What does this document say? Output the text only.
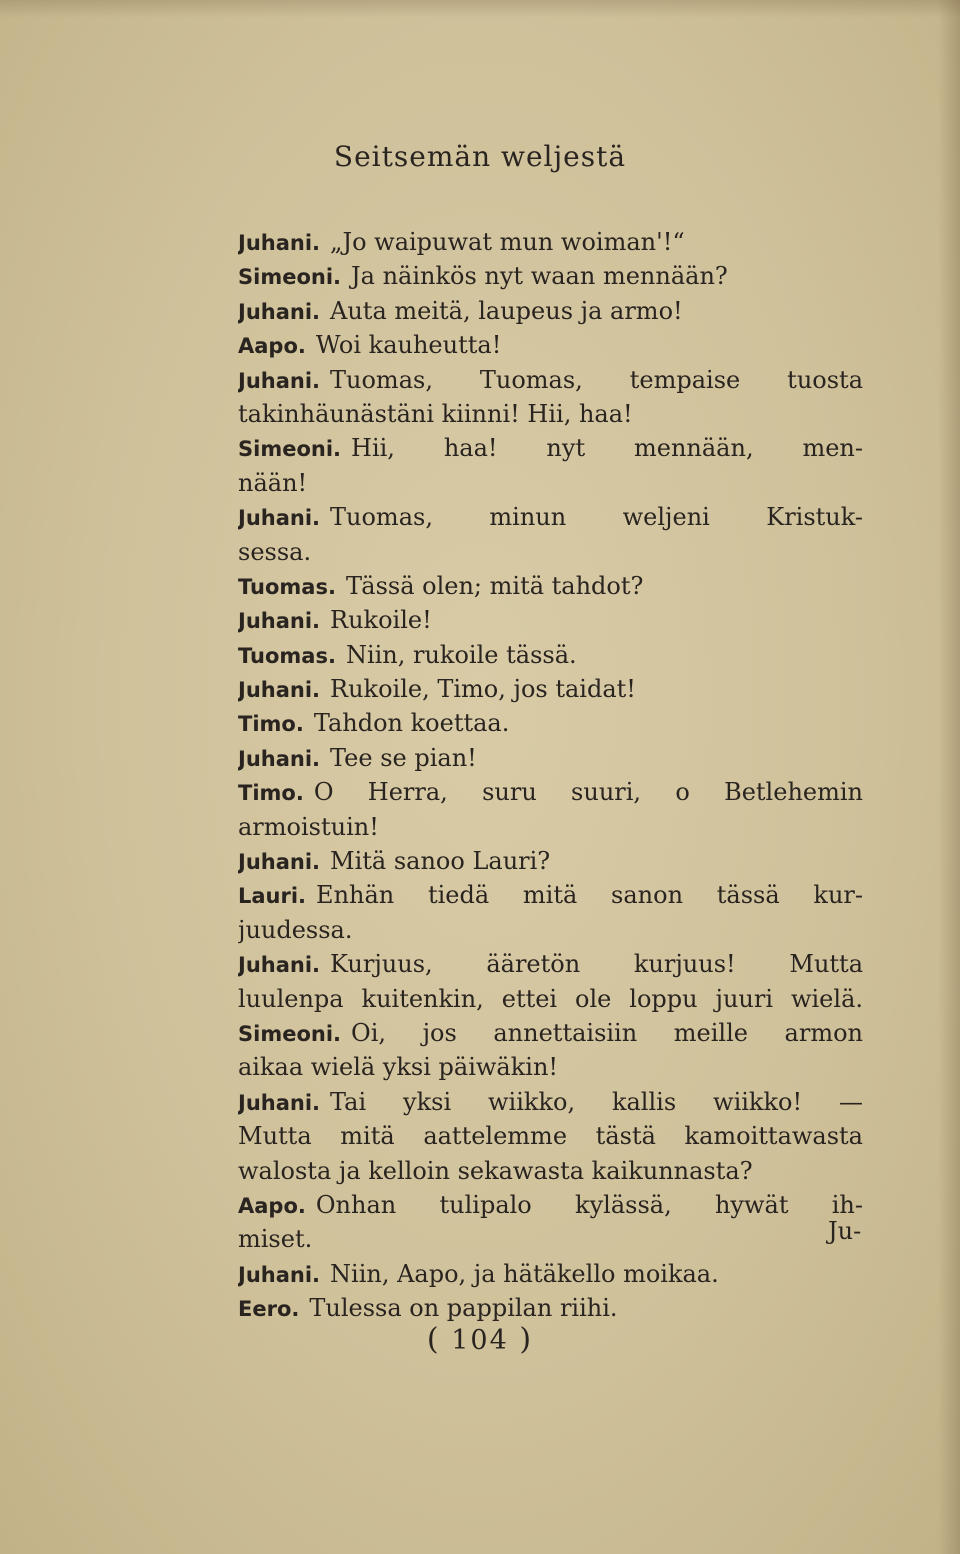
Seitsemän weljestä
Juhani. „Jo waipuwat mun woiman'!“
Simeoni. Ja näinkös nyt waan mennään?
Juhani. Auta meitä, laupeus ja armo!
Aapo. Woi kauheutta!
Juhani. Tuomas, Tuomas, tempaise tuosta
takinhäunästäni kiinni! Hii, haa!
Simeoni. Hii, haa! nyt mennään, men-
nään!
Juhani. Tuomas, minun weljeni Kristuk-
sessa.
Tuomas. Tässä olen; mitä tahdot?
Juhani. Rukoile!
Tuomas. Niin, rukoile tässä.
Juhani. Rukoile, Timo, jos taidat!
Timo. Tahdon koettaa.
Juhani. Tee se pian!
Timo. O Herra, suru suuri, o Betlehemin
armoistuin!
Juhani. Mitä sanoo Lauri?
Lauri. Enhän tiedä mitä sanon tässä kur-
juudessa.
Juhani. Kurjuus, ääretön kurjuus! Mutta
luulenpa kuitenkin, ettei ole loppu juuri wielä.
Simeoni. Oi, jos annettaisiin meille armon
aikaa wielä yksi päiwäkin!
Juhani. Tai yksi wiikko, kallis wiikko! —
Mutta mitä aattelemme tästä kamoittawasta
walosta ja kelloin sekawasta kaikunnasta?
Aapo. Onhan tulipalo kylässä, hywät ih-
miset.
Juhani. Niin, Aapo, ja hätäkello moikaa.
Eero. Tulessa on pappilan riihi.
Ju-
( 104 )
